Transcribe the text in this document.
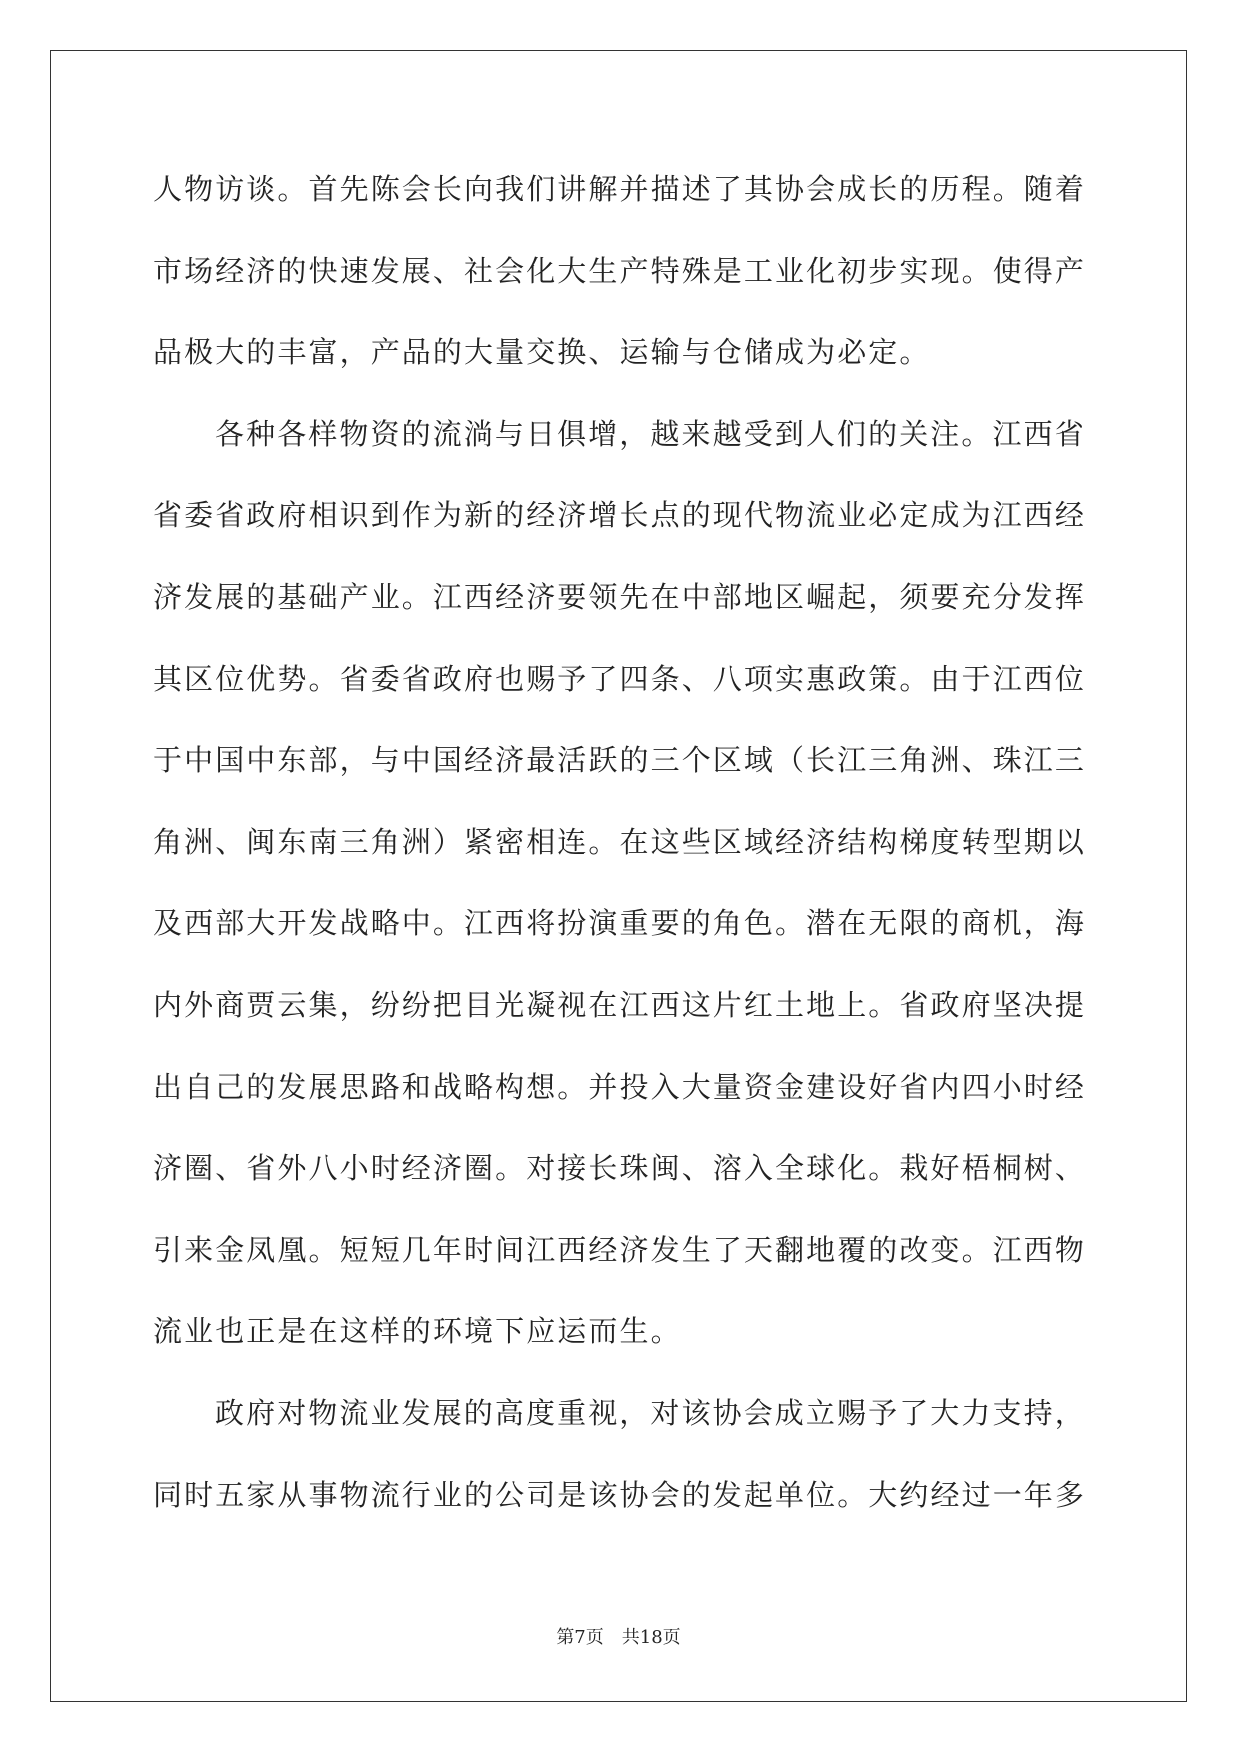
人物访谈。首先陈会长向我们讲解并描述了其协会成长的历程。随着
市场经济的快速发展、社会化大生产特殊是工业化初步实现。使得产
品极大的丰富，产品的大量交换、运输与仓储成为必定。
各种各样物资的流淌与日俱增，越来越受到人们的关注。江西省
省委省政府相识到作为新的经济增长点的现代物流业必定成为江西经
济发展的基础产业。江西经济要领先在中部地区崛起，须要充分发挥
其区位优势。省委省政府也赐予了四条、八项实惠政策。由于江西位
于中国中东部，与中国经济最活跃的三个区域（长江三角洲、珠江三
角洲、闽东南三角洲）紧密相连。在这些区域经济结构梯度转型期以
及西部大开发战略中。江西将扮演重要的角色。潜在无限的商机，海
内外商贾云集，纷纷把目光凝视在江西这片红土地上。省政府坚决提
出自己的发展思路和战略构想。并投入大量资金建设好省内四小时经
济圈、省外八小时经济圈。对接长珠闽、溶入全球化。栽好梧桐树、
引来金凤凰。短短几年时间江西经济发生了天翻地覆的改变。江西物
流业也正是在这样的环境下应运而生。
政府对物流业发展的高度重视，对该协会成立赐予了大力支持，
同时五家从事物流行业的公司是该协会的发起单位。大约经过一年多
第7页 共18页
